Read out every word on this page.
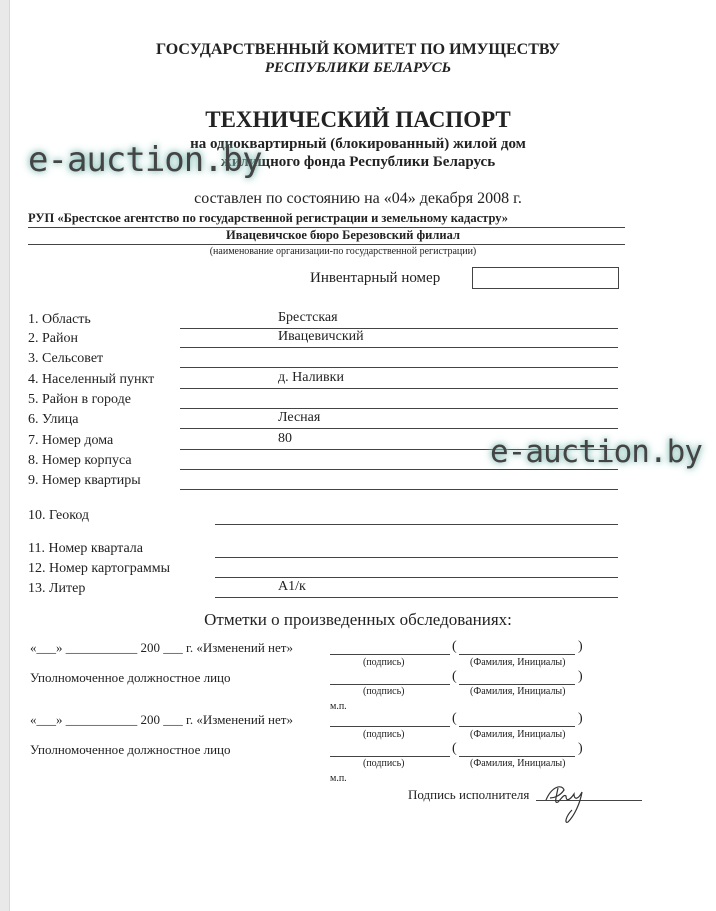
ГОСУДАРСТВЕННЫЙ КОМИТЕТ ПО ИМУЩЕСТВУ
РЕСПУБЛИКИ БЕЛАРУСЬ
ТЕХНИЧЕСКИЙ ПАСПОРТ
на одноквартирный (блокированный) жилой дом
жилищного фонда Республики Беларусь
e-auction.by
составлен по состоянию на «04» декабря 2008 г.
РУП «Брестское агентство по государственной регистрации и земельному кадастру»
Ивацевичское бюро Березовский филиал
(наименование организации-по государственной регистрации)
Инвентарный номер
1. Область	Брестская
2. Район	Ивацевичский
3. Сельсовет
4. Населенный пункт	д. Наливки
5. Район в городе
6. Улица	Лесная
7. Номер дома	80
8. Номер корпуса
9. Номер квартиры
10. Геокод
11. Номер квартала
12. Номер картограммы
13. Литер	А1/к
e-auction.by
Отметки о произведенных обследованиях:
«___» ___________ 200 ___ г. «Изменений нет»	(	)
(подпись)	(Фамилия, Инициалы)
Уполномоченное должностное лицо	(	)
(подпись)	(Фамилия, Инициалы)
м.п.
«___» ___________ 200 ___ г. «Изменений нет»	(	)
(подпись)	(Фамилия, Инициалы)
Уполномоченное должностное лицо	(	)
(подпись)	(Фамилия, Инициалы)
м.п.
Подпись исполнителя
